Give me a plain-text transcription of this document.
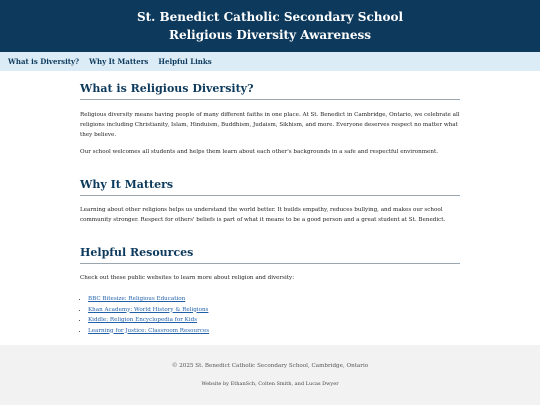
St. Benedict Catholic Secondary School
Religious Diversity Awareness
What is Diversity? Why It Matters Helpful Links
What is Religious Diversity?

Religious diversity means having people of many different faiths in one place. At St. Benedict in Cambridge, Ontario, we celebrate all religions including Christianity, Islam, Hinduism, Buddhism, Judaism, Sikhism, and more. Everyone deserves respect no matter what they believe.

Our school welcomes all students and helps them learn about each other's backgrounds in a safe and respectful environment.

Why It Matters

Learning about other religions helps us understand the world better. It builds empathy, reduces bullying, and makes our school community stronger. Respect for others' beliefs is part of what it means to be a good person and a great student at St. Benedict.

Helpful Resources

Check out these public websites to learn more about religion and diversity:

• BBC Bitesize: Religious Education
• Khan Academy: World History & Religions
• Kiddle: Religion Encyclopedia for Kids
• Learning for Justice: Classroom Resources
© 2025 St. Benedict Catholic Secondary School, Cambridge, Ontario
Website by EthanSch, Colten Smith, and Lucas Dwyer
